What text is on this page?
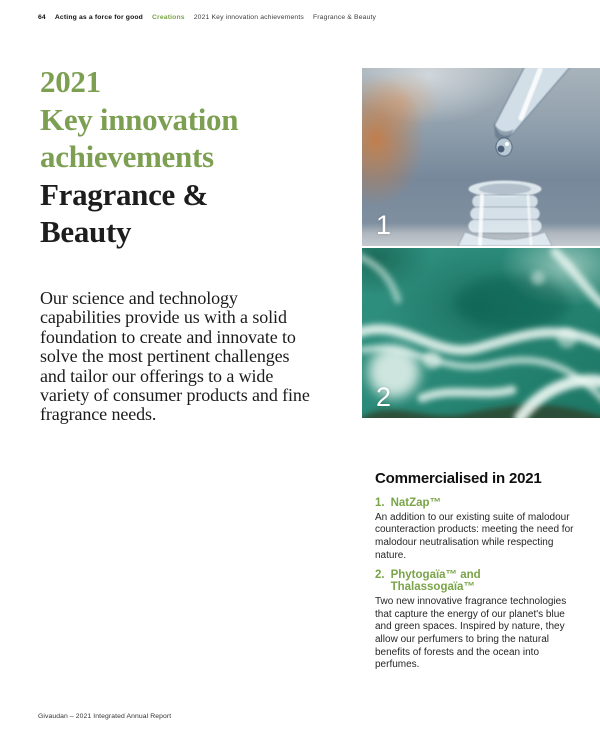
64 Acting as a force for good Creations 2021 Key innovation achievements Fragrance & Beauty
2021
Key innovation
achievements
Fragrance &
Beauty

Our science and technology capabilities provide us with a solid foundation to create and innovate to solve the most pertinent challenges and tailor our offerings to a wide variety of consumer products and fine fragrance needs.

1
2
Commercialised in 2021
1. NatZap™

An addition to our existing suite of malodour counteraction products: meeting the need for malodour neutralisation while respecting nature.

2. Phytogaïa™ and Thalassogaïa™

Two new innovative fragrance technologies that capture the energy of our planet's blue and green spaces. Inspired by nature, they allow our perfumers to bring the natural benefits of forests and the ocean into perfumes.

Givaudan – 2021 Integrated Annual Report
